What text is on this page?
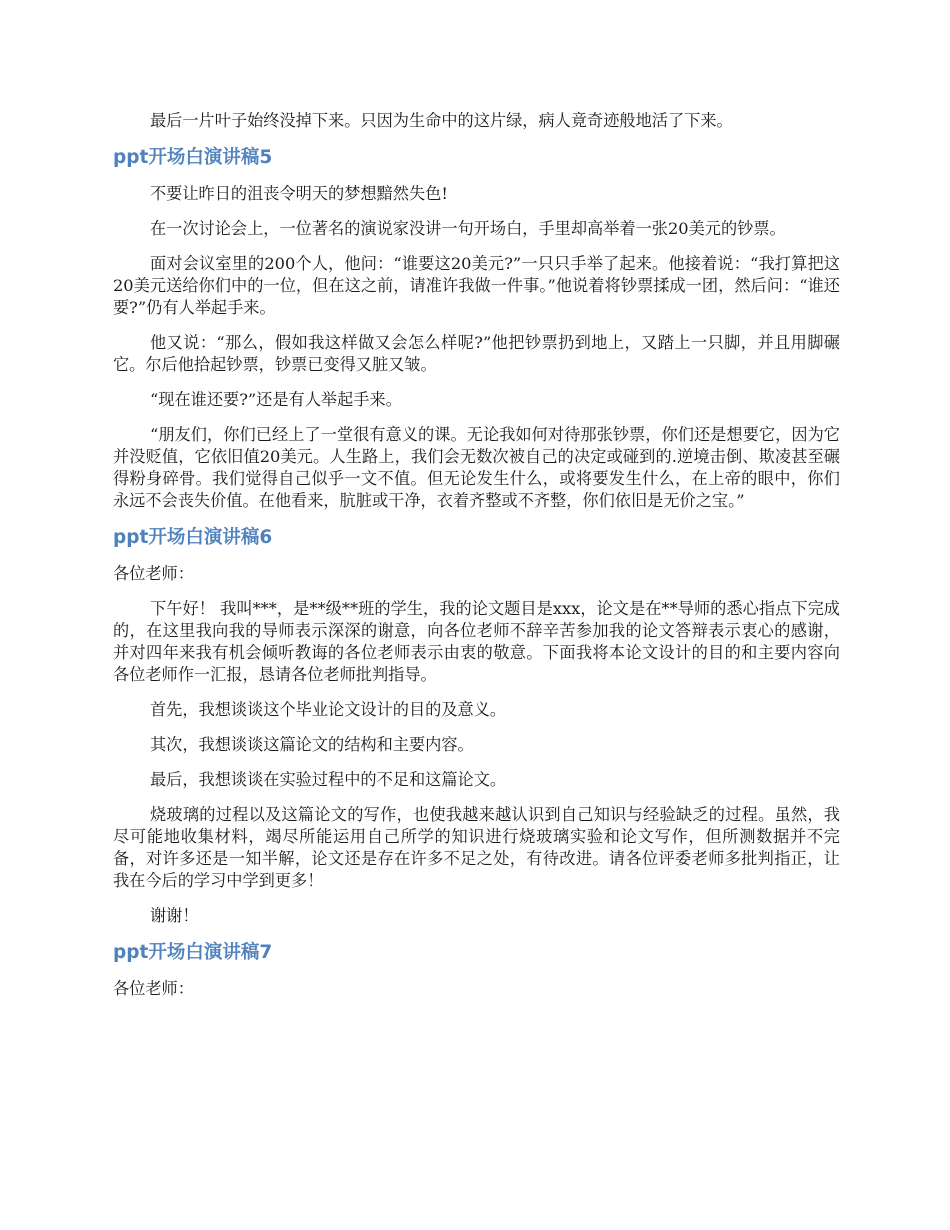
最后一片叶子始终没掉下来。只因为生命中的这片绿，病人竟奇迹般地活了下来。

ppt开场白演讲稿5

不要让昨日的沮丧令明天的梦想黯然失色!

在一次讨论会上，一位著名的演说家没讲一句开场白，手里却高举着一张20美元的钞票。

面对会议室里的200个人，他问：“谁要这20美元?”一只只手举了起来。他接着说：“我打算把这20美元送给你们中的一位，但在这之前，请准许我做一件事。”他说着将钞票揉成一团，然后问：“谁还要?”仍有人举起手来。

他又说：“那么，假如我这样做又会怎么样呢?”他把钞票扔到地上，又踏上一只脚，并且用脚碾它。尔后他拾起钞票，钞票已变得又脏又皱。

“现在谁还要?”还是有人举起手来。

“朋友们，你们已经上了一堂很有意义的课。无论我如何对待那张钞票，你们还是想要它，因为它并没贬值，它依旧值20美元。人生路上，我们会无数次被自己的决定或碰到的.逆境击倒、欺凌甚至碾得粉身碎骨。我们觉得自己似乎一文不值。但无论发生什么，或将要发生什么，在上帝的眼中，你们永远不会丧失价值。在他看来，肮脏或干净，衣着齐整或不齐整，你们依旧是无价之宝。”

ppt开场白演讲稿6

各位老师：

下午好！ 我叫***，是**级**班的学生，我的论文题目是xxx，论文是在**导师的悉心指点下完成的，在这里我向我的导师表示深深的谢意，向各位老师不辞辛苦参加我的论文答辩表示衷心的感谢，并对四年来我有机会倾听教诲的各位老师表示由衷的敬意。下面我将本论文设计的目的和主要内容向各位老师作一汇报，恳请各位老师批判指导。

首先，我想谈谈这个毕业论文设计的目的及意义。

其次，我想谈谈这篇论文的结构和主要内容。

最后，我想谈谈在实验过程中的不足和这篇论文。

烧玻璃的过程以及这篇论文的写作，也使我越来越认识到自己知识与经验缺乏的过程。虽然，我尽可能地收集材料，竭尽所能运用自己所学的知识进行烧玻璃实验和论文写作，但所测数据并不完备，对许多还是一知半解，论文还是存在许多不足之处，有待改进。请各位评委老师多批判指正，让我在今后的学习中学到更多！

谢谢！

ppt开场白演讲稿7

各位老师：
